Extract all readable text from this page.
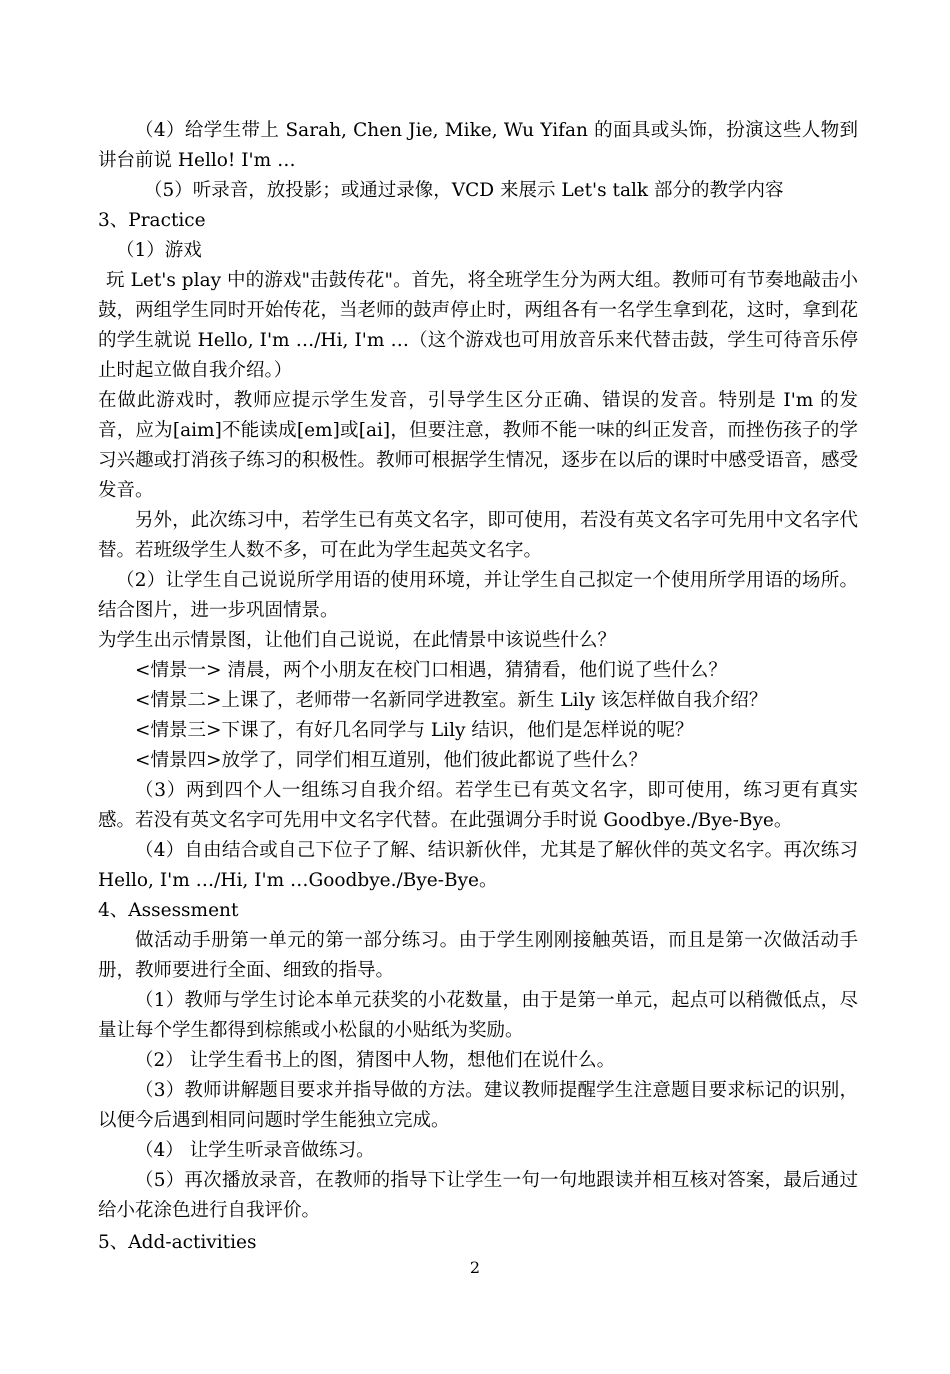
（4）给学生带上 Sarah, Chen Jie, Mike, Wu Yifan 的面具或头饰，扮演这些人物到讲台前说 Hello! I'm …

（5）听录音，放投影；或通过录像，VCD 来展示 Let's talk 部分的教学内容

3、Practice

（1）游戏

玩 Let's play 中的游戏"击鼓传花"。首先，将全班学生分为两大组。教师可有节奏地敲击小鼓，两组学生同时开始传花，当老师的鼓声停止时，两组各有一名学生拿到花，这时，拿到花的学生就说 Hello, I'm …/Hi, I'm …（这个游戏也可用放音乐来代替击鼓，学生可待音乐停止时起立做自我介绍。）

在做此游戏时，教师应提示学生发音，引导学生区分正确、错误的发音。特别是 I'm 的发音，应为[aim]不能读成[em]或[ai]，但要注意，教师不能一味的纠正发音，而挫伤孩子的学习兴趣或打消孩子练习的积极性。教师可根据学生情况，逐步在以后的课时中感受语音，感受发音。

另外，此次练习中，若学生已有英文名字，即可使用，若没有英文名字可先用中文名字代替。若班级学生人数不多，可在此为学生起英文名字。

（2）让学生自己说说所学用语的使用环境，并让学生自己拟定一个使用所学用语的场所。结合图片，进一步巩固情景。

为学生出示情景图，让他们自己说说，在此情景中该说些什么？

<情景一> 清晨，两个小朋友在校门口相遇，猜猜看，他们说了些什么？

<情景二>上课了，老师带一名新同学进教室。新生 Lily 该怎样做自我介绍？

<情景三>下课了，有好几名同学与 Lily 结识，他们是怎样说的呢？

<情景四>放学了，同学们相互道别，他们彼此都说了些什么？

（3）两到四个人一组练习自我介绍。若学生已有英文名字，即可使用，练习更有真实感。若没有英文名字可先用中文名字代替。在此强调分手时说 Goodbye./Bye-Bye。

（4）自由结合或自己下位子了解、结识新伙伴，尤其是了解伙伴的英文名字。再次练习 Hello, I'm …/Hi, I'm …Goodbye./Bye-Bye。

4、Assessment

做活动手册第一单元的第一部分练习。由于学生刚刚接触英语，而且是第一次做活动手册，教师要进行全面、细致的指导。

（1）教师与学生讨论本单元获奖的小花数量，由于是第一单元，起点可以稍微低点，尽量让每个学生都得到棕熊或小松鼠的小贴纸为奖励。

（2） 让学生看书上的图，猜图中人物，想他们在说什么。

（3）教师讲解题目要求并指导做的方法。建议教师提醒学生注意题目要求标记的识别，以便今后遇到相同问题时学生能独立完成。

（4） 让学生听录音做练习。

（5）再次播放录音，在教师的指导下让学生一句一句地跟读并相互核对答案，最后通过给小花涂色进行自我评价。

5、Add-activities

2
